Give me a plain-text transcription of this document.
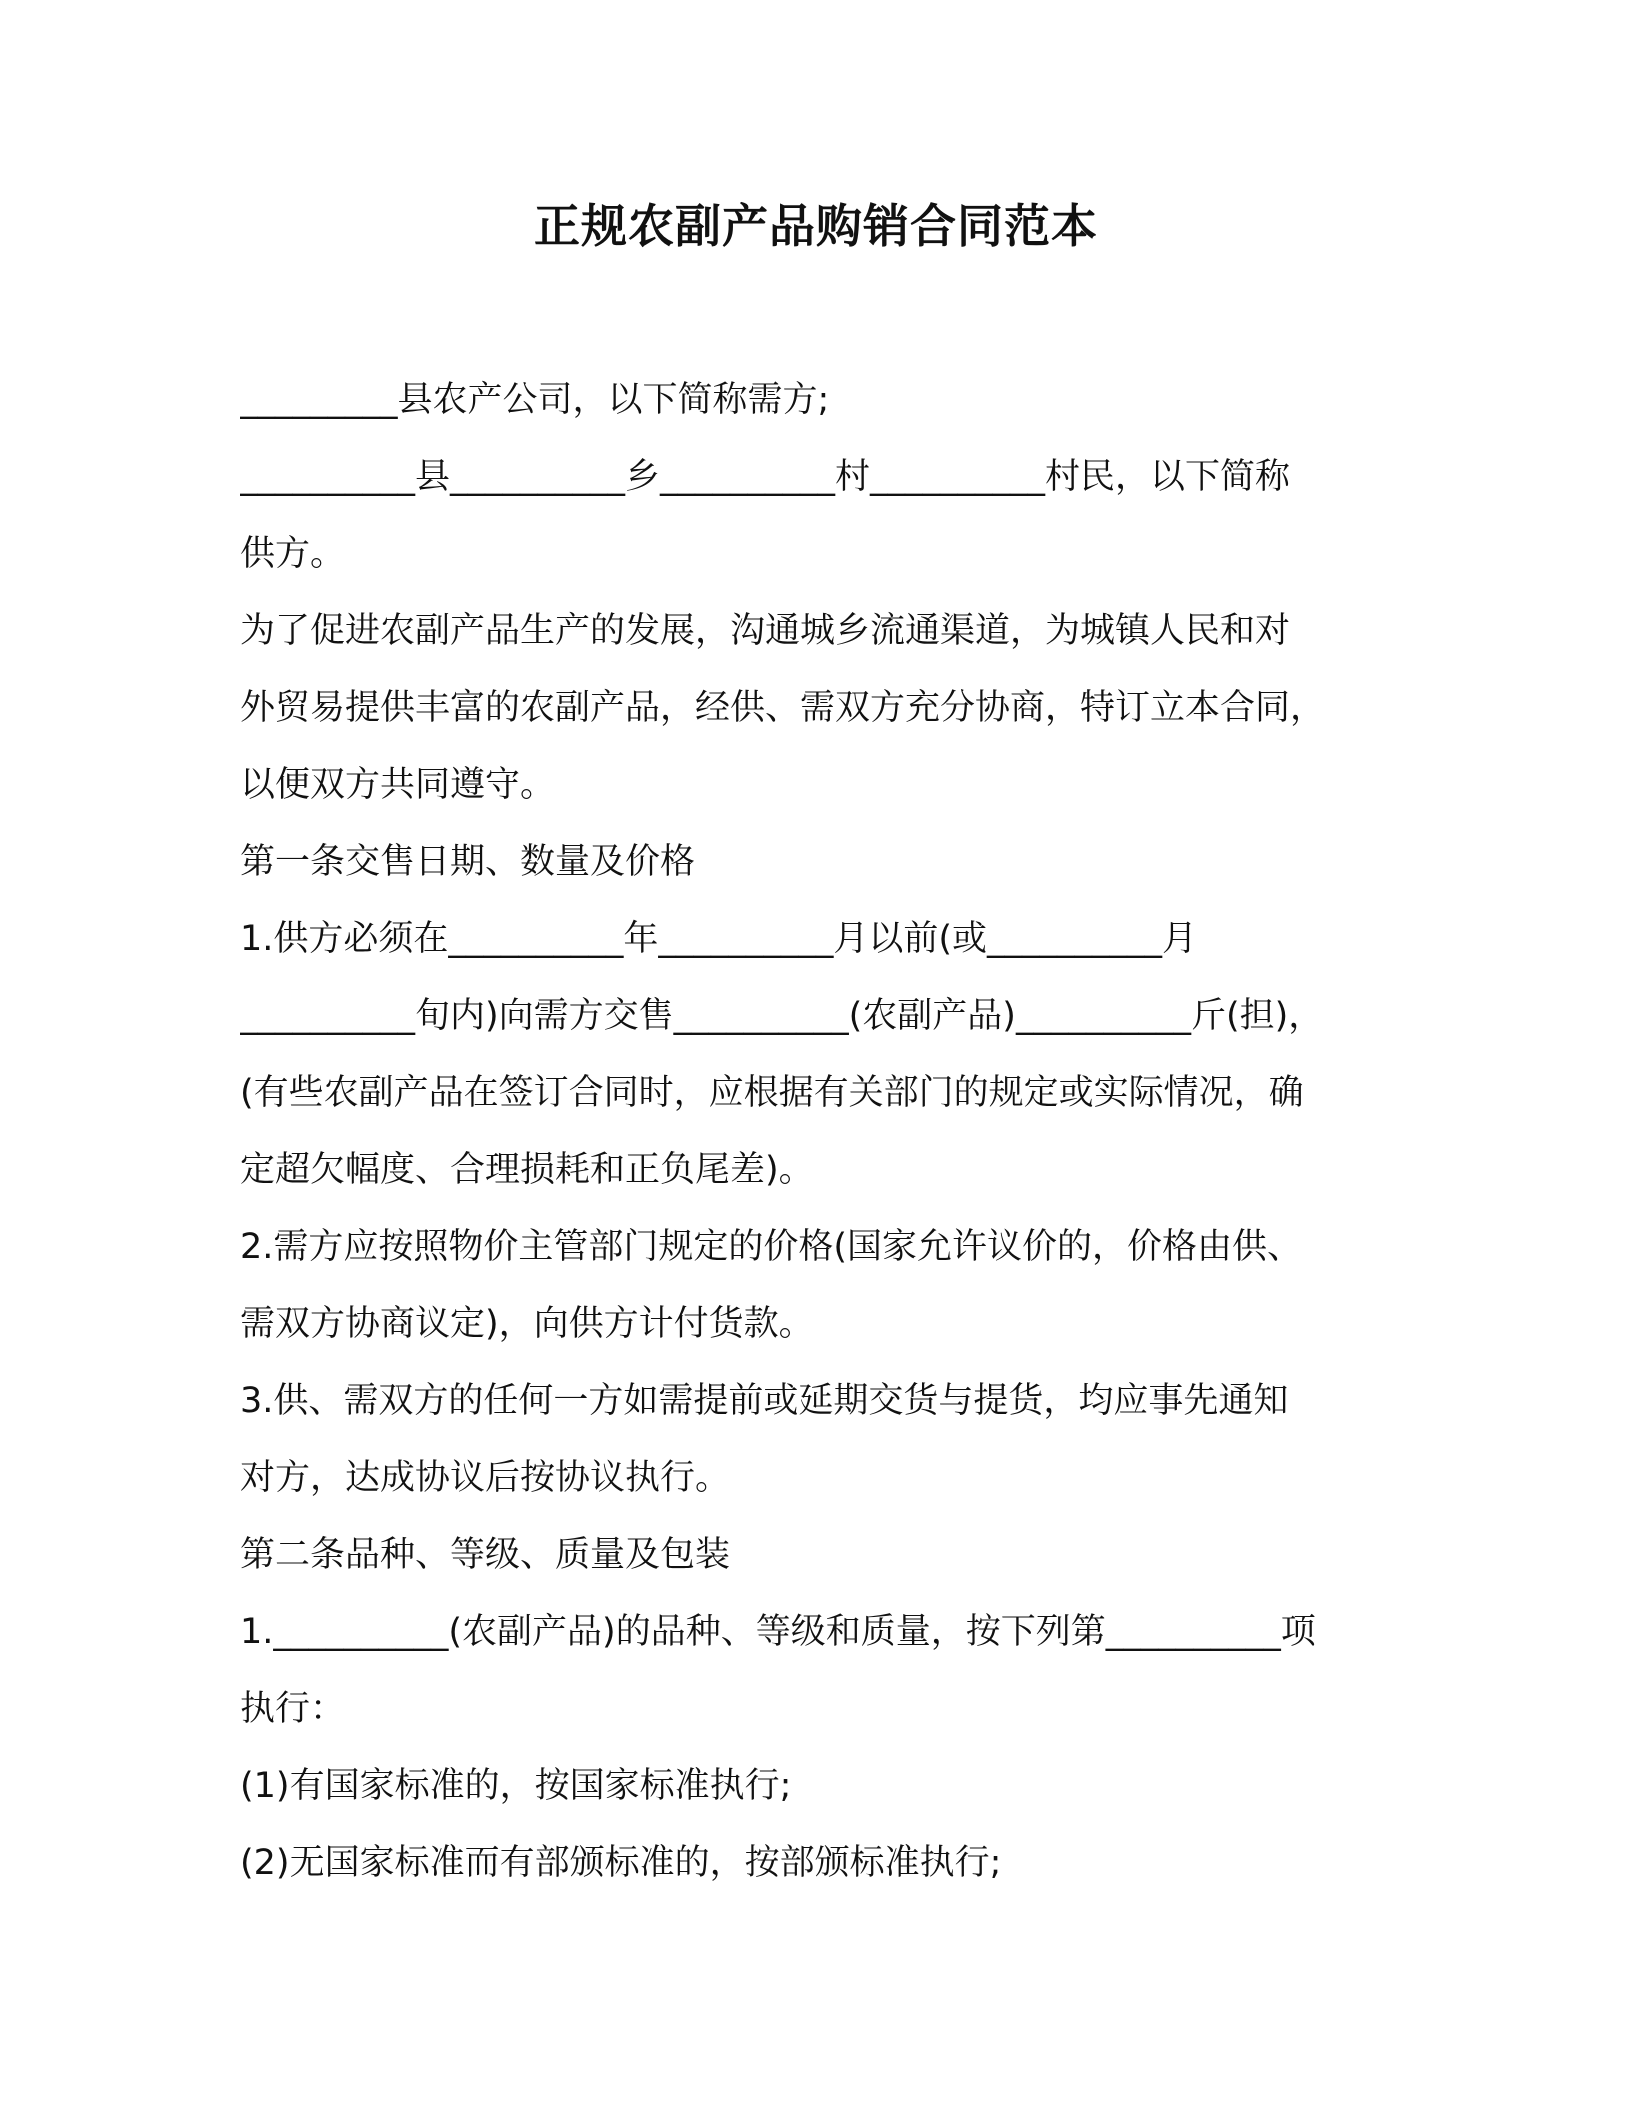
正规农副产品购销合同范本
_________县农产公司，以下简称需方;
__________县__________乡__________村__________村民，以下简称
供方。
为了促进农副产品生产的发展，沟通城乡流通渠道，为城镇人民和对
外贸易提供丰富的农副产品，经供、需双方充分协商，特订立本合同，
以便双方共同遵守。
第一条交售日期、数量及价格
1.供方必须在__________年__________月以前(或__________月
__________旬内)向需方交售__________(农副产品)__________斤(担)，
(有些农副产品在签订合同时，应根据有关部门的规定或实际情况，确
定超欠幅度、合理损耗和正负尾差)。
2.需方应按照物价主管部门规定的价格(国家允许议价的，价格由供、
需双方协商议定)，向供方计付货款。
3.供、需双方的任何一方如需提前或延期交货与提货，均应事先通知
对方，达成协议后按协议执行。
第二条品种、等级、质量及包装
1.__________(农副产品)的品种、等级和质量，按下列第__________项
执行：
(1)有国家标准的，按国家标准执行;
(2)无国家标准而有部颁标准的，按部颁标准执行;
